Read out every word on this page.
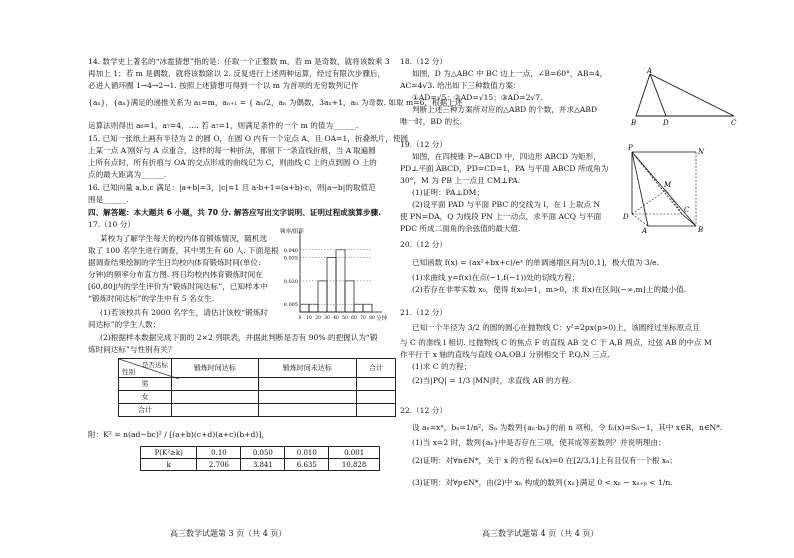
14. 数学史上著名的“冰雹猜想”指的是：任取一个正整数 m，若 m 是奇数，就将该数乘 3
再加上 1；若 m 是偶数，就将该数除以 2. 反复进行上述两种运算，经过有限次步骤后，
必进入循环圈 1→4→2→1. 按照上述猜想可得到一个以 m 为首项的无穷数列记作
{aₙ}，{aₙ}满足的递推关系为 a₁=m，aₙ₊₁ = { aₙ/2，aₙ 为偶数，3aₙ+1，aₙ 为奇数. 如取 m=6，根据上述
运算法则得出 a₆=1，a₇=4，…. 若 a₇=1，则满足条件的一个 m 的值为______.
15. 已知一张纸上画有半径为 2 的圆 O，在圆 O 内有一个定点 A，且 OA=1，折叠纸片，使圆
上某一点 A′刚好与 A 点重合，这样的每一种折法，都留下一条直线折痕，当 A′取遍圆
上所有点时，所有折痕与 OA′的交点形成的曲线记为 C，则曲线 C 上的点到圆 O 上的
点的最大距离为______.
16. 已知向量 a,b,c 满足：|a+b|=3，|c|=1 且 a·b+1=(a+b)·c，则|a−b|的取值范
围是______.
四、解答题：本大题共 6 小题，共 70 分. 解答应写出文字说明、证明过程或演算步骤.
17.（10 分）
某校为了解学生每天的校内体育锻炼情况，随机选
取了 100 名学生进行调查，其中男生有 60 人. 下面是根
据调查结果绘制的学生日均校内体育锻炼时间(单位:
分钟)的频率分布直方图. 将日均校内体育锻炼时间在
[60,80]内的学生评价为“锻炼时间达标”，已知样本中
“锻炼时间达标”的学生中有 5 名女生.
(1)若该校共有 2000 名学生，请估计该校“锻炼时
间达标”的学生人数；
(2)根据样本数据完成下面的 2×2 列联表，并据此判断是否有 90% 的把握认为“锻
炼时间达标”与性别有关？
是否达标
性别	锻炼时间达标	锻炼时间未达标	合计
男			
女			
合计			
附：K² = n(ad−bc)² / [(a+b)(c+d)(a+c)(b+d)]，
P(K²≥k)	0.10	0.050	0.010	0.001
k	2.706	3.841	6.635	10.828
高三数学试题第 3 页（共 4 页）
0.040
0.035
0.020
0.005
0 10 20 30 40 50 60 70 80
频率/组距
分钟
18.（12 分）
如图，D 为△ABC 中 BC 边上一点，∠B=60°，AB=4，
AC=4√3. 给出如下三种数值方案：
①AD=√5；②AD=√15；③AD=2√7.
判断上述三种方案所对应的△ABD 的个数，并求△ABD
唯一时，BD 的长.
19.（12 分）
如图，在四棱锥 P−ABCD 中，四边形 ABCD 为矩形，
PD⊥平面 ABCD，PD=CD=1，PA 与平面 ABCD 所成角为
30°，M 为 PB 上一点且 CM⊥PA.
(1)证明：PA⊥DM；
(2)设平面 PAD 与平面 PBC 的交线为 l，在 l 上取点 N
使 PN=DA，Q 为线段 PN 上一动点，求平面 ACQ 与平面
PDC 所成二面角的余弦值的最大值.
20.（12 分）
已知函数 f(x) = (ax²+bx+c)/eˣ 的单调递增区间为[0,1]，极大值为 3/e.
(1)求曲线 y=f(x)在点(−1,f(−1))处的切线方程；
(2)若存在非零实数 x₀，使得 f(x₀)=1，m>0，求 f(x)在区间(−∞,m]上的最小值.
21.（12 分）
已知一个半径为 3/2 的圆的圆心在抛物线 C：y²=2px(p>0)上，该圆经过坐标原点且
与 C 的准线 l 相切. 过抛物线 C 的焦点 F 的直线 AB 交 C 于 A,B 两点，过弦 AB 的中点 M
作平行于 x 轴的直线与直线 OA,OB,l 分别相交于 P,Q,N 三点.
(1)求 C 的方程；
(2)当|PQ| = 1/3 |MN|时，求直线 AB 的方程.
22.（12 分）
设 aₙ=xⁿ，bₙ=1/n²，Sₙ 为数列{aₙ·bₙ}的前 n 项和，令 fₙ(x)=Sₙ−1，其中 x∈R，n∈N*.
(1)当 x=2 时，数列{aₙ}中是否存在三项，使其成等差数列？并说明理由；
(2)证明：对∀n∈N*，关于 x 的方程 fₙ(x)=0 在[2/3,1]上有且仅有一个根 xₙ；
(3)证明：对∀p∈N*，由(2)中 xₙ 构成的数列{xₙ}满足 0 < xₙ − xₙ₊ₚ < 1/n.
高三数学试题第 4 页（共 4 页）
A
B	D	C
P	N
M
A	B
C
D
